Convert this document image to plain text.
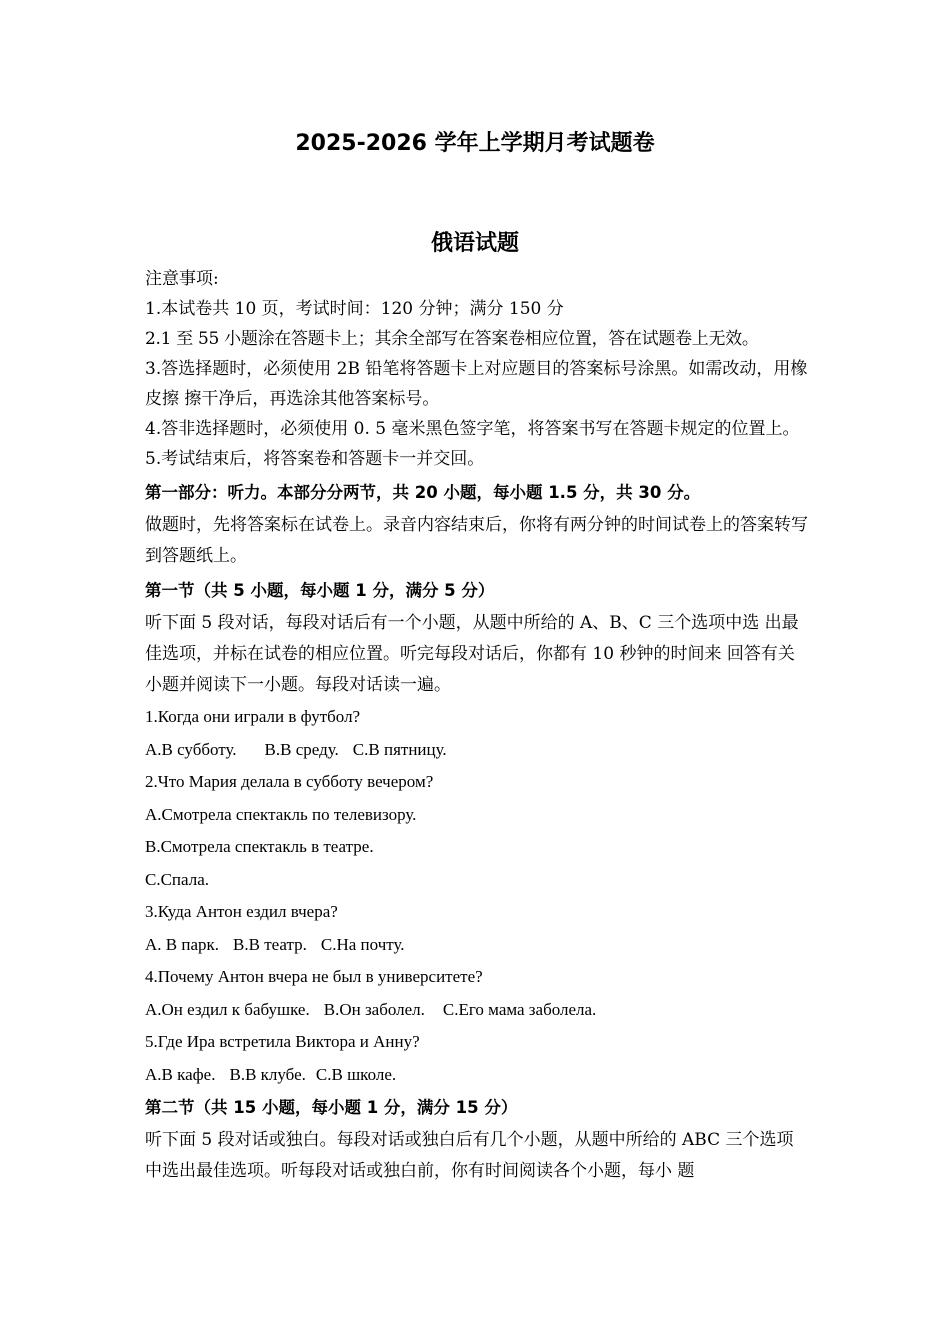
2025-2026 学年上学期月考试题卷
俄语试题

注意事项:

1.本试卷共 10 页，考试时间：120 分钟；满分 150 分

2.1 至 55 小题涂在答题卡上；其余全部写在答案卷相应位置，答在试题卷上无效。

3.答选择题时，必须使用 2B 铅笔将答题卡上对应题目的答案标号涂黑。如需改动，用橡皮擦 擦干净后，再选涂其他答案标号。

4.答非选择题时，必须使用 0. 5 毫米黑色签字笔，将答案书写在答题卡规定的位置上。

5.考试结束后，将答案卷和答题卡一并交回。

第一部分：听力。本部分分两节，共 20 小题，每小题 1.5 分，共 30 分。

做题时，先将答案标在试卷上。录音内容结束后，你将有两分钟的时间试卷上的答案转写到答题纸上。

第一节（共 5 小题，每小题 1 分，满分 5 分）

听下面 5 段对话，每段对话后有一个小题，从题中所给的 A、B、C 三个选项中选 出最佳选项，并标在试卷的相应位置。听完每段对话后，你都有 10 秒钟的时间来 回答有关小题并阅读下一小题。每段对话读一遍。

1.Когда они играли в футбол?

A.В субботу. B.В среду. C.В пятницу.

2.Что Мария делала в субботу вечером?

A.Смотрела спектакль по телевизору.

B.Смотрела спектакль в театре.

C.Спала.

3.Куда Антон ездил вчера?

A. В парк. B.В театр. C.На почту.

4.Почему Антон вчера не был в университете?

A.Он ездил к бабушке. B.Он заболел. C.Его мама заболела.

5.Где Ира встретила Виктора и Анну?

A.В кафе. B.В клубе. C.В школе.

第二节（共 15 小题，每小题 1 分，满分 15 分）

听下面 5 段对话或独白。每段对话或独白后有几个小题，从题中所给的 ABC 三个选项中选出最佳选项。听每段对话或独白前，你有时间阅读各个小题，每小 题
